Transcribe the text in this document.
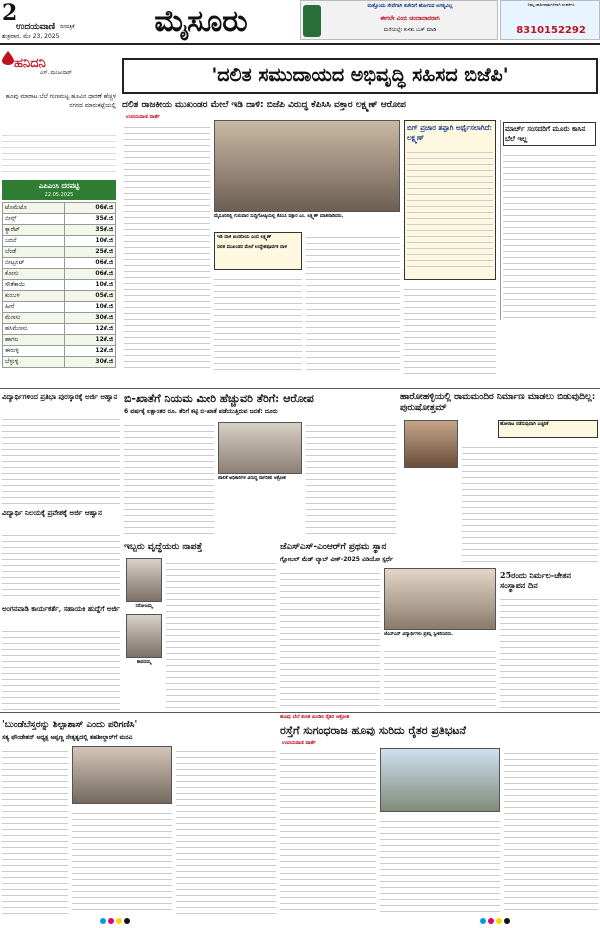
2
ಉದಯವಾಣಿ ದಿನಪತ್ರಿಕೆ
ಶುಕ್ರವಾರ, ಮೇ 23, 2025	ಮೈಸೂರು	ಮತ್ತೊಂದು ಸೇವೆಗಾಗಿ ಕಚೇರಿಗೆ ಹೋಗುವ ಅಗತ್ಯವಿಲ್ಲ
ಈಗಲೇ ವಿಂಬಿ ಚಂದಾದಾರರಾಗಿ
ಮನೆಯಲ್ಲೇ ಕುಳಿತು ಬುಕ್ ಮಾಡಿ
ನಿಮ್ಮ ಜಾಹೀರಾತುಗಳಿಗಾಗಿ ಸಂಪರ್ಕಿಸಿ
8310152292
ಹನಿದನಿ
ಎಸ್. ಮಂಜುನಾಥ್
ಹೂವು ಮಾರಾಟ ಬೆಲೆ ಗುಣಮಟ್ಟ ಹೂವಿನ ಧಾರಣೆ ಹೆಚ್ಚಳ ನಗರದ ಮಾರುಕಟ್ಟೆಯಲ್ಲಿ
ಎಪಿಎಂಸಿ ದರಪಟ್ಟಿ
22.05.2025
ಟೊಮೆಟೊ	06ಕೆ.ಜಿ
ಬೀನ್ಸ್	35ಕೆ.ಜಿ
ಕ್ಯಾರೆಟ್	35ಕೆ.ಜಿ
ಬದನೆ	10ಕೆ.ಜಿ
ಬೆಂಡೆ	25ಕೆ.ಜಿ
ಬೀಟ್ರೂಟ್	06ಕೆ.ಜಿ
ಕೋಸು	06ಕೆ.ಜಿ
ಸೌತೆಕಾಯಿ	10ಕೆ.ಜಿ
ಕುಂಬಳ	05ಕೆ.ಜಿ
ಹೀರೆ	10ಕೆ.ಜಿ
ಮೆಣಸು	30ಕೆ.ಜಿ
ಹಸಿಮೆಣಸು	12ಕೆ.ಜಿ
ಹಾಗಲ	12ಕೆ.ಜಿ
ಈರುಳ್ಳಿ	12ಕೆ.ಜಿ
ಬೆಳ್ಳುಳ್ಳಿ	30ಕೆ.ಜಿ
'ದಲಿತ ಸಮುದಾಯದ ಅಭಿವೃದ್ಧಿ ಸಹಿಸದ ಬಿಜೆಪಿ'
ದಲಿತ ರಾಜಕೀಯ ಮುಖಂಡರ ಮೇಲೆ ಇಡಿ ದಾಳಿ: ಬಿಜೆಪಿ ವಿರುದ್ಧ ಕೆಪಿಸಿಸಿ ವಕ್ತಾರ ಲಕ್ಷ್ಮಣ್ ಆರೋಪ
ಉದಯವಾಣಿ ವಾರ್ತೆ
ಮೈಸೂರಿನಲ್ಲಿ ಗುರುವಾರ ಸುದ್ದಿಗೋಷ್ಠಿಯಲ್ಲಿ ಕೆಪಿಸಿಸಿ ವಕ್ತಾರ ಎಂ. ಲಕ್ಷ್ಮಣ್ ಮಾತನಾಡಿದರು.
ಇಡಿ ದಾಳಿ ಖಂಡನೀಯ ಎಂದ ಲಕ್ಷ್ಮಣ್
ದಲಿತ ಮುಖಂಡರ ಮೇಲೆ ಉದ್ದೇಶಪೂರ್ವಕ ದಾಳಿ
ಬಿಗ್ ಪ್ರಚಾರ ತಪ್ಪಾಗಿ ಅರ್ಥೈಸಲಾಗಿದೆ: ಲಕ್ಷ್ಮಣ್
ಮಾರ್ಚ್ ಸಂಸದರಿಗೆ ಮೂರು ಕಾಸಿನ ಬೆಲೆ ಇಲ್ಲ
ವಿದ್ಯಾರ್ಥಿಗಳಿಂದ ಪ್ರತಿಭಾ ಪುರಸ್ಕಾರಕ್ಕೆ ಅರ್ಜಿ ಆಹ್ವಾನ
ವಿದ್ಯಾರ್ಥಿ ನಿಲಯಕ್ಕೆ ಪ್ರವೇಶಕ್ಕೆ ಅರ್ಜಿ ಆಹ್ವಾನ
ಅಂಗನವಾಡಿ ಕಾರ್ಯಕರ್ತೆ, ಸಹಾಯಕಿ ಹುದ್ದೆಗೆ ಅರ್ಜಿ
ಬಿ-ಖಾತೆಗೆ ನಿಯಮ ಮೀರಿ ಹೆಚ್ಚುವರಿ ತೆರಿಗೆ: ಆರೋಪ
6 ವರ್ಷಕ್ಕೆ ಲಕ್ಷಾಂತರ ರೂ. ತೆರಿಗೆ ಕಟ್ಟಿ ಬಿ-ಖಾತೆ ಪಡೆಯುತ್ತಿರುವ ಜನತೆ: ದೂರು
ಪಾಲಿಕೆ ಅಧಿಕಾರಿಗಳ ವಿರುದ್ಧ ನಾಗರಿಕರ ಆಕ್ರೋಶ
ಹಾರೋಹಳ್ಳಿಯಲ್ಲಿ ರಾಮಮಂದಿರ ನಿರ್ಮಾಣ ಮಾಡಲು ಬಿಡುವುದಿಲ್ಲ: ಪುರುಷೋತ್ತಮ್
ಹೋರಾಟ ನಡೆಸುವುದಾಗಿ ಎಚ್ಚರಿಕೆ
ಇಬ್ಬರು ವೃದ್ಧೆಯರು ನಾಪತ್ತೆ
ಸರೋಜಮ್ಮ
ಶಾರದಮ್ಮ
ಜೆಎಸ್‌ಎಸ್-ಎಂಆರ್‌ಗೆ ಪ್ರಥಮ ಸ್ಥಾನ
ಗ್ಲೋಬಲ್ ಮೆಡ್ ಲ್ಯಾಬ್ ವೀಕ್-2025 ವಿಡಿಯೋ ಸ್ಪರ್ಧೆ
ಜೆಎಸ್‌ಎಸ್ ವಿದ್ಯಾರ್ಥಿಗಳು ಪ್ರಶಸ್ತಿ ಸ್ವೀಕರಿಸಿದರು.
25ರಂದು ನಿರ್ಮಲ-ಚೇತನ ಸಂಸ್ಥಾಪನ ದಿನ
ಹೂವು ಬೆಲೆ ಕುಸಿತ ಖಂಡಿಸಿ ರೈತರ ಆಕ್ರೋಶ
'ಬುಂಡೆಬೆಸ್ತರನ್ನು ಶಿಲ್ಪಾಶಾಸ್ ಎಂದು ಪರಿಗಣಿಸಿ'
ಸತ್ಯ ಫೌಂಡೇಶನ್ ಅಧ್ಯಕ್ಷ ಅಪ್ಪಣ್ಣ ನೇತೃತ್ವದಲ್ಲಿ ತಹಶೀಲ್ದಾರ್‌ಗೆ ಮನವಿ
ರಸ್ತೆಗೆ ಸುಗಂಧರಾಜ ಹೂವು ಸುರಿದು ರೈತರ ಪ್ರತಿಭಟನೆ
ಉದಯವಾಣಿ ವಾರ್ತೆ
